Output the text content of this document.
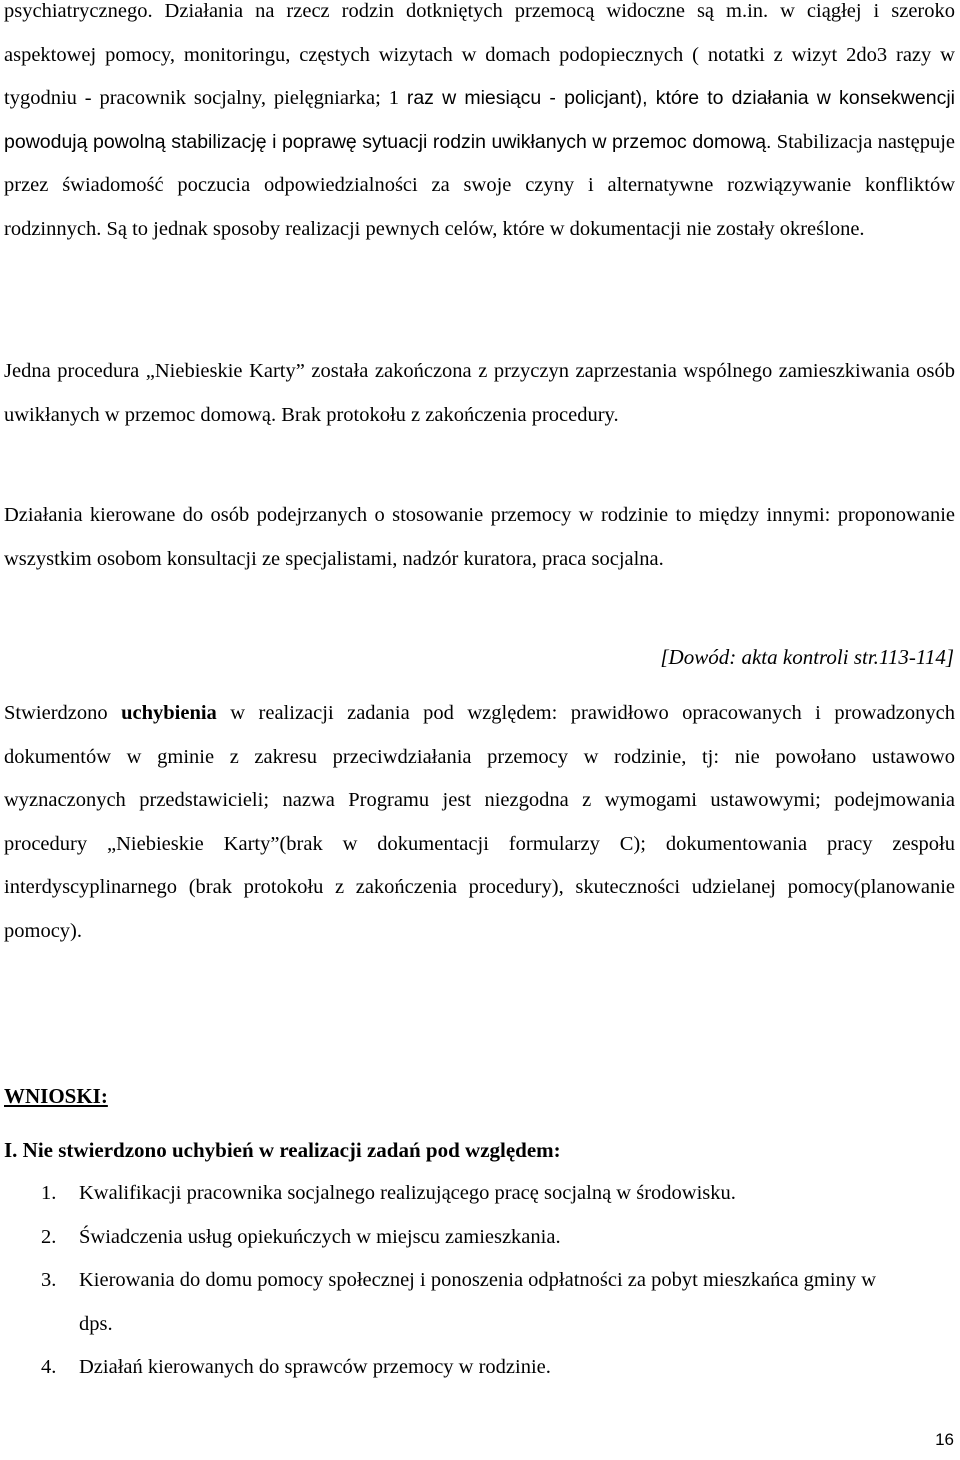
psychiatrycznego. Działania na rzecz rodzin dotkniętych przemocą widoczne są m.in. w ciągłej i szeroko aspektowej pomocy, monitoringu, częstych wizytach w domach podopiecznych ( notatki z wizyt 2do3 razy w tygodniu - pracownik socjalny, pielęgniarka; 1 raz w miesiącu - policjant), które to działania w konsekwencji powodują powolną stabilizację i poprawę sytuacji rodzin uwikłanych w przemoc domową. Stabilizacja następuje przez świadomość poczucia odpowiedzialności za swoje czyny i alternatywne rozwiązywanie konfliktów rodzinnych. Są to jednak sposoby realizacji pewnych celów, które w dokumentacji nie zostały określone.

Jedna procedura „Niebieskie Karty” została zakończona z przyczyn zaprzestania wspólnego zamieszkiwania osób uwikłanych w przemoc domową. Brak protokołu z zakończenia procedury.

Działania kierowane do osób podejrzanych o stosowanie przemocy w rodzinie to między innymi: proponowanie wszystkim osobom konsultacji ze specjalistami, nadzór kuratora, praca socjalna.

[Dowód: akta kontroli str.113-114]

Stwierdzono uchybienia w realizacji zadania pod względem: prawidłowo opracowanych i prowadzonych dokumentów w gminie z zakresu przeciwdziałania przemocy w rodzinie, tj: nie powołano ustawowo wyznaczonych przedstawicieli; nazwa Programu jest niezgodna z wymogami ustawowymi; podejmowania procedury „Niebieskie Karty”(brak w dokumentacji formularzy C); dokumentowania pracy zespołu interdyscyplinarnego (brak protokołu z zakończenia procedury), skuteczności udzielanej pomocy(planowanie pomocy).

WNIOSKI:
I. Nie stwierdzono uchybień w realizacji zadań pod względem:
1. Kwalifikacji pracownika socjalnego realizującego pracę socjalną w środowisku.
2. Świadczenia usług opiekuńczych w miejscu zamieszkania.
3. Kierowania do domu pomocy społecznej i ponoszenia odpłatności za pobyt mieszkańca gminy w dps.
4. Działań kierowanych do sprawców przemocy w rodzinie.
16
